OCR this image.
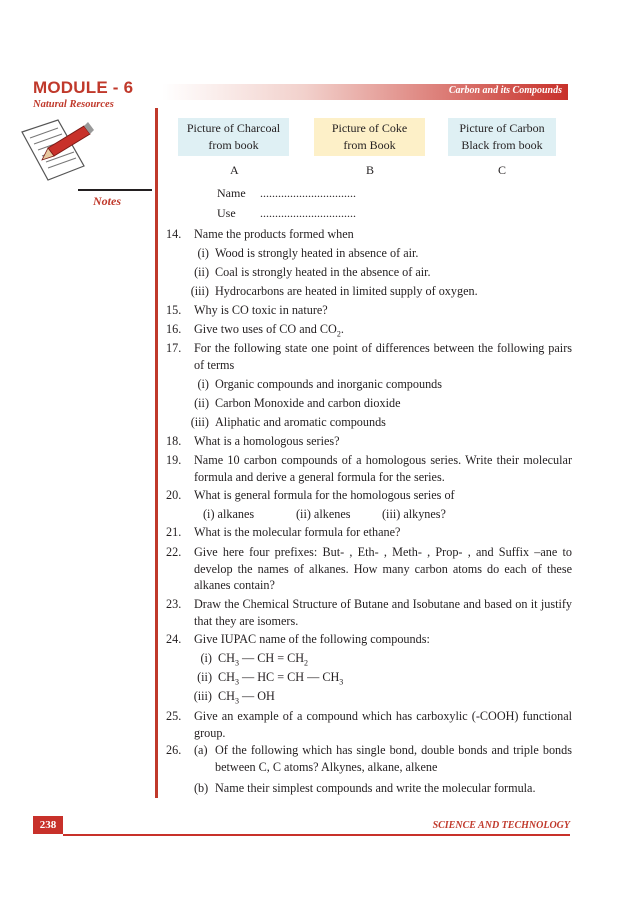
MODULE - 6
Natural Resources
Carbon and its Compounds
Notes
Picture of Charcoal
from book
Picture of Coke
from Book
Picture of Carbon
Black from book
A	B	C
Name ................................
Use ................................
14. Name the products formed when
(i) Wood is strongly heated in absence of air.
(ii) Coal is strongly heated in the absence of air.
(iii) Hydrocarbons are heated in limited supply of oxygen.
15. Why is CO toxic in nature?
16. Give two uses of CO and $CO_2$.
17. For the following state one point of differences between the following pairs of terms
(i) Organic compounds and inorganic compounds
(ii) Carbon Monoxide and carbon dioxide
(iii) Aliphatic and aromatic compounds
18. What is a homologous series?
19. Name 10 carbon compounds of a homologous series. Write their molecular formula and derive a general formula for the series.
20. What is general formula for the homologous series of
(i) alkanes	(ii) alkenes	(iii) alkynes?
21. What is the molecular formula for ethane?
22. Give here four prefixes: But- , Eth- , Meth- , Prop- , and Suffix –ane to develop the names of alkanes. How many carbon atoms do each of these alkanes contain?
23. Draw the Chemical Structure of Butane and Isobutane and based on it justify that they are isomers.
24. Give IUPAC name of the following compounds:
(i) $CH_3$ — CH = $CH_2$
(ii) $CH_3$ — HC = CH — $CH_3$
(iii) $CH_3$ — OH
25. Give an example of a compound which has carboxylic (-COOH) functional group.
26. (a) Of the following which has single bond, double bonds and triple bonds between C, C atoms? Alkynes, alkane, alkene
(b) Name their simplest compounds and write the molecular formula.
238	SCIENCE AND TECHNOLOGY
